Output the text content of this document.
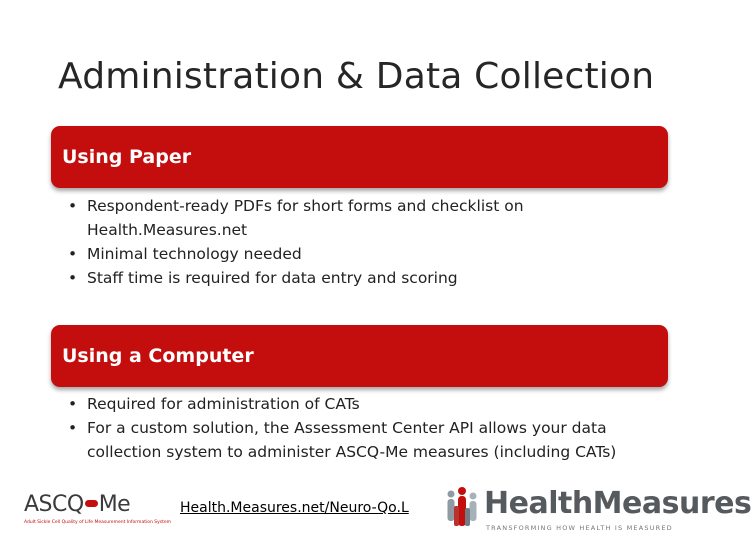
Administration & Data Collection
Using Paper
• Respondent-ready PDFs for short forms and checklist on Health.Measures.net
• Minimal technology needed
• Staff time is required for data entry and scoring
Using a Computer
• Required for administration of CATs
• For a custom solution, the Assessment Center API allows your data collection system to administer ASCQ-Me measures (including CATs)
ASCQ Me
Adult Sickle Cell Quality of Life Measurement Information System
Health.Measures.net/Neuro-Qo.L	HealthMeasures
TRANSFORMING HOW HEALTH IS MEASURED
